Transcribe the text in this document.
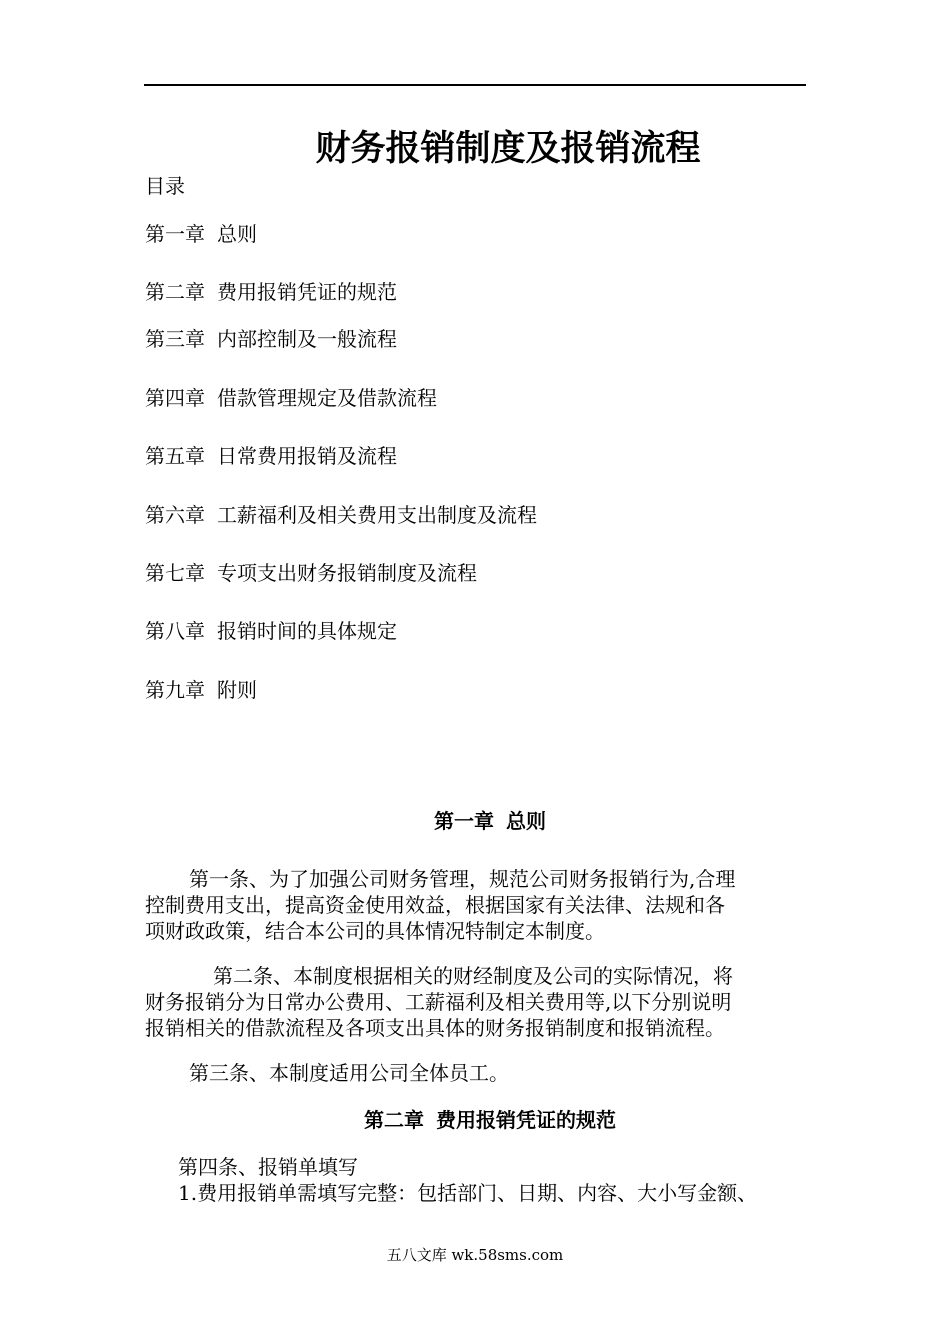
财务报销制度及报销流程
目录
第一章 总则
第二章 费用报销凭证的规范
第三章 内部控制及一般流程
第四章 借款管理规定及借款流程
第五章 日常费用报销及流程
第六章 工薪福利及相关费用支出制度及流程
第七章 专项支出财务报销制度及流程
第八章 报销时间的具体规定
第九章 附则
第一章 总则
第一条、为了加强公司财务管理，规范公司财务报销行为,合理
控制费用支出，提高资金使用效益，根据国家有关法律、法规和各
项财政政策，结合本公司的具体情况特制定本制度。
第二条、本制度根据相关的财经制度及公司的实际情况，将
财务报销分为日常办公费用、工薪福利及相关费用等,以下分别说明
报销相关的借款流程及各项支出具体的财务报销制度和报销流程。
第三条、本制度适用公司全体员工。
第二章 费用报销凭证的规范
第四条、报销单填写
1.费用报销单需填写完整：包括部门、日期、内容、大小写金额、
五八文库 wk.58sms.com
